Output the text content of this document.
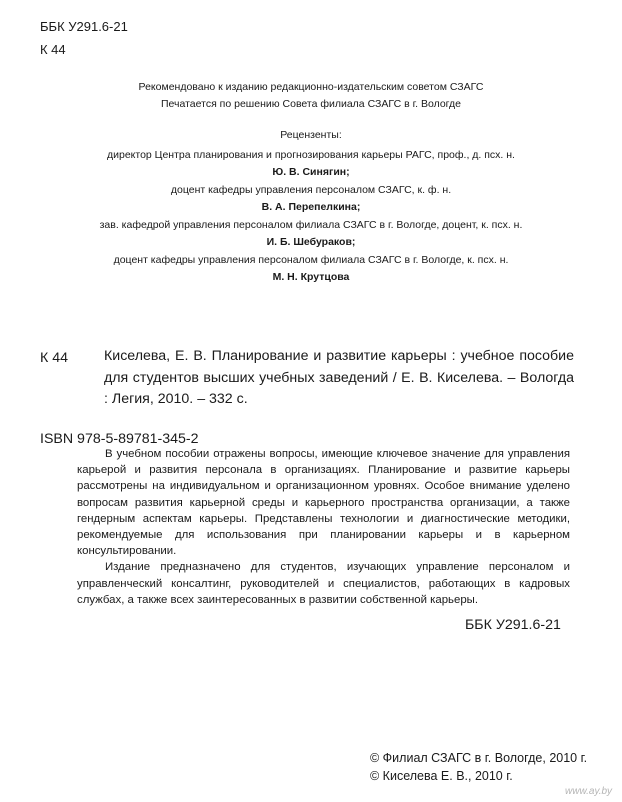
ББК У291.6-21
К 44
Рекомендовано к изданию редакционно-издательским советом СЗАГС
Печатается по решению Совета филиала СЗАГС в г. Вологде
Рецензенты:
директор Центра планирования и прогнозирования карьеры РАГС, проф., д. псх. н.
Ю. В. Синягин;
доцент кафедры управления персоналом СЗАГС, к. ф. н.
В. А. Перепелкина;
зав. кафедрой управления персоналом филиала СЗАГС в г. Вологде, доцент, к. псх. н.
И. Б. Шебураков;
доцент кафедры управления персоналом филиала СЗАГС в г. Вологде, к. псх. н.
М. Н. Крутцова
К 44	Киселева, Е. В. Планирование и развитие карьеры : учебное пособие для студентов высших учебных заведений / Е. В. Киселева. – Вологда : Легия, 2010. – 332 с.

ISBN 978-5-89781-345-2

В учебном пособии отражены вопросы, имеющие ключевое значение для управления карьерой и развития персонала в организациях. Планирование и развитие карьеры рассмотрены на индивидуальном и организационном уровнях. Особое внимание уделено вопросам развития карьерной среды и карьерного пространства организации, а также гендерным аспектам карьеры. Представлены технологии и диагностические методики, рекомендуемые для использования при планировании карьеры и в карьерном консультировании.

Издание предназначено для студентов, изучающих управление персоналом и управленческий консалтинг, руководителей и специалистов, работающих в кадровых службах, а также всех заинтересованных в развитии собственной карьеры.

ББК У291.6-21
© Филиал СЗАГС в г. Вологде, 2010 г.
© Киселева Е. В., 2010 г.
www.ay.by
